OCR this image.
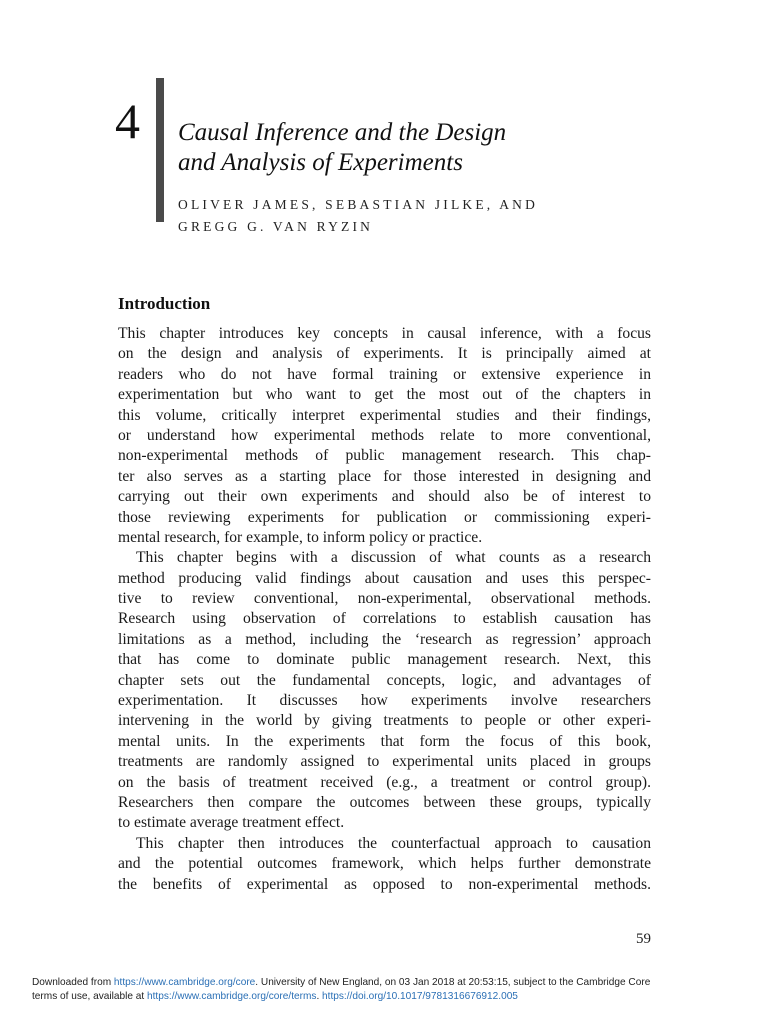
4 Causal Inference and the Design
and Analysis of Experiments
OLIVER JAMES, SEBASTIAN JILKE, AND
GREGG G. VAN RYZIN
Introduction
This chapter introduces key concepts in causal inference, with a focus
on the design and analysis of experiments. It is principally aimed at
readers who do not have formal training or extensive experience in
experimentation but who want to get the most out of the chapters in
this volume, critically interpret experimental studies and their findings,
or understand how experimental methods relate to more conventional,
non-experimental methods of public management research. This chap-
ter also serves as a starting place for those interested in designing and
carrying out their own experiments and should also be of interest to
those reviewing experiments for publication or commissioning experi-
mental research, for example, to inform policy or practice.
This chapter begins with a discussion of what counts as a research
method producing valid findings about causation and uses this perspec-
tive to review conventional, non-experimental, observational methods.
Research using observation of correlations to establish causation has
limitations as a method, including the ‘research as regression’ approach
that has come to dominate public management research. Next, this
chapter sets out the fundamental concepts, logic, and advantages of
experimentation. It discusses how experiments involve researchers
intervening in the world by giving treatments to people or other experi-
mental units. In the experiments that form the focus of this book,
treatments are randomly assigned to experimental units placed in groups
on the basis of treatment received (e.g., a treatment or control group).
Researchers then compare the outcomes between these groups, typically
to estimate average treatment effect.
This chapter then introduces the counterfactual approach to causation
and the potential outcomes framework, which helps further demonstrate
the benefits of experimental as opposed to non-experimental methods.
59
Downloaded from https://www.cambridge.org/core. University of New England, on 03 Jan 2018 at 20:53:15, subject to the Cambridge Core
terms of use, available at https://www.cambridge.org/core/terms. https://doi.org/10.1017/9781316676912.005
